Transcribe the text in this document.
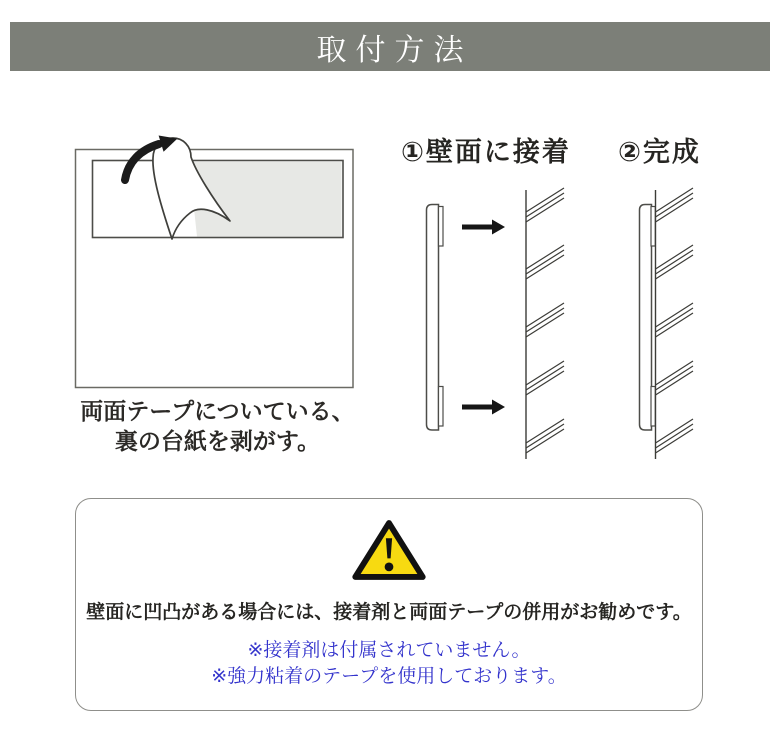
取付方法
①壁面に接着 ②完成
両面テープについている、
裏の台紙を剥がす。
壁面に凹凸がある場合には、接着剤と両面テープの併用がお勧めです。
※接着剤は付属されていません。
※強力粘着のテープを使用しております。
